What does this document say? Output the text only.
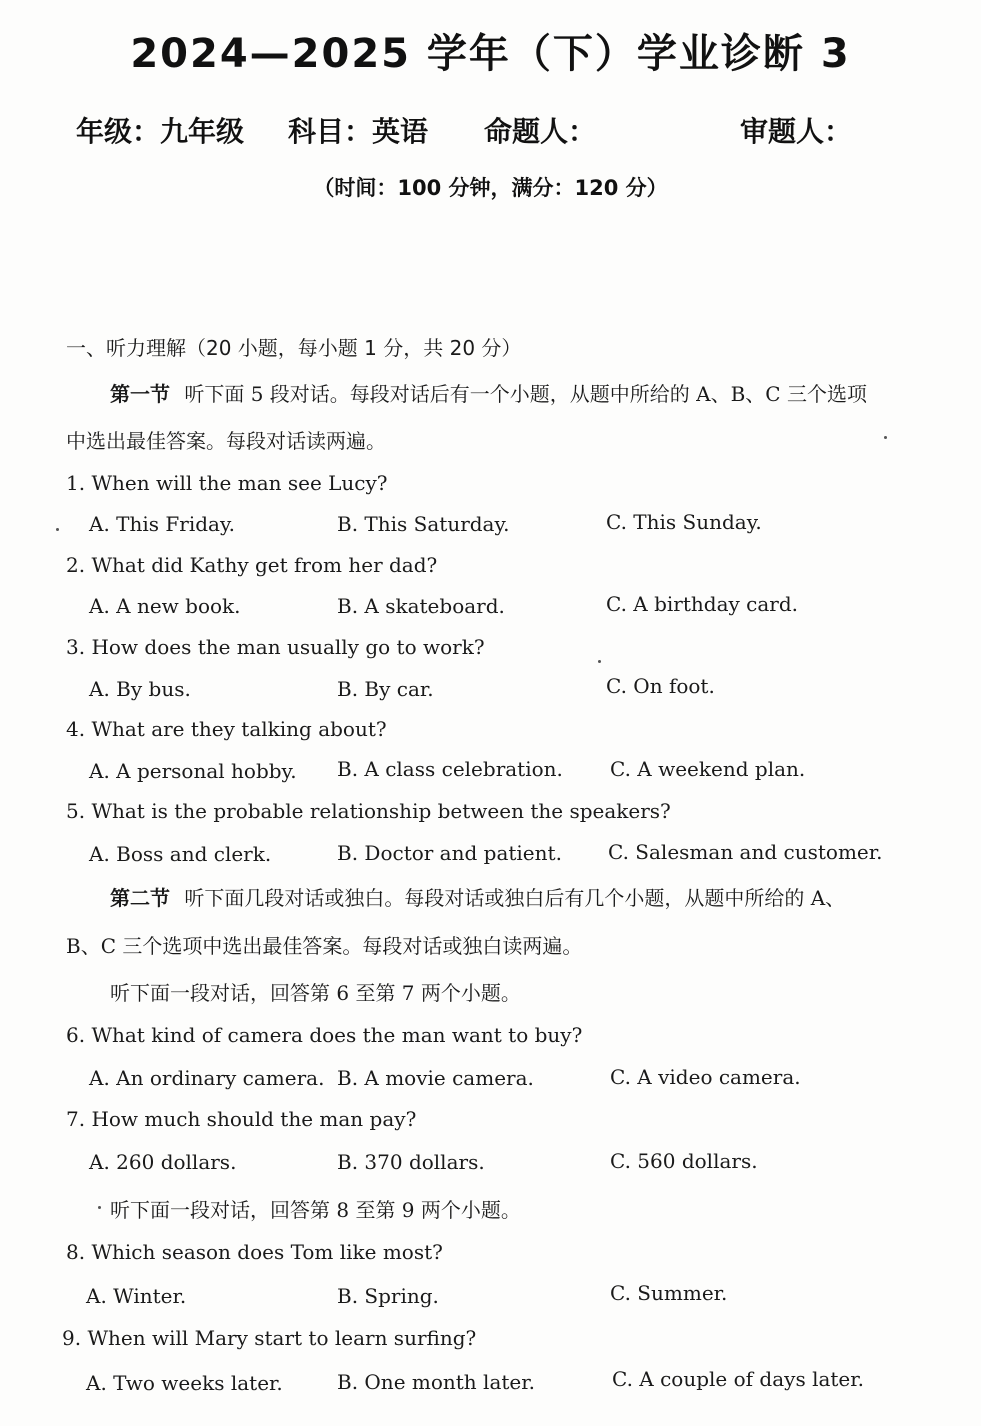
2024—2025 学年（下）学业诊断 3
年级：九年级 科目：英语 命题人：	审题人：
（时间：100 分钟，满分：120 分）
一、听力理解（20 小题，每小题 1 分，共 20 分）
第一节 听下面 5 段对话。每段对话后有一个小题，从题中所给的 A、B、C 三个选项
中选出最佳答案。每段对话读两遍。
1. When will the man see Lucy?
A. This Friday.	B. This Saturday.	C. This Sunday.
2. What did Kathy get from her dad?
A. A new book.	B. A skateboard.	C. A birthday card.
3. How does the man usually go to work?
A. By bus.	B. By car.	C. On foot.
4. What are they talking about?
A. A personal hobby. B. A class celebration. C. A weekend plan.
5. What is the probable relationship between the speakers?
A. Boss and clerk.	B. Doctor and patient. C. Salesman and customer.
第二节 听下面几段对话或独白。每段对话或独白后有几个小题，从题中所给的 A、
B、C 三个选项中选出最佳答案。每段对话或独白读两遍。
听下面一段对话，回答第 6 至第 7 两个小题。
6. What kind of camera does the man want to buy?
A. An ordinary camera. B. A movie camera.	C. A video camera.
7. How much should the man pay?
A. 260 dollars.	B. 370 dollars.	C. 560 dollars.
听下面一段对话，回答第 8 至第 9 两个小题。
8. Which season does Tom like most?
A. Winter.	B. Spring.	C. Summer.
9. When will Mary start to learn surfing?
A. Two weeks later.	B. One month later.	C. A couple of days later.
